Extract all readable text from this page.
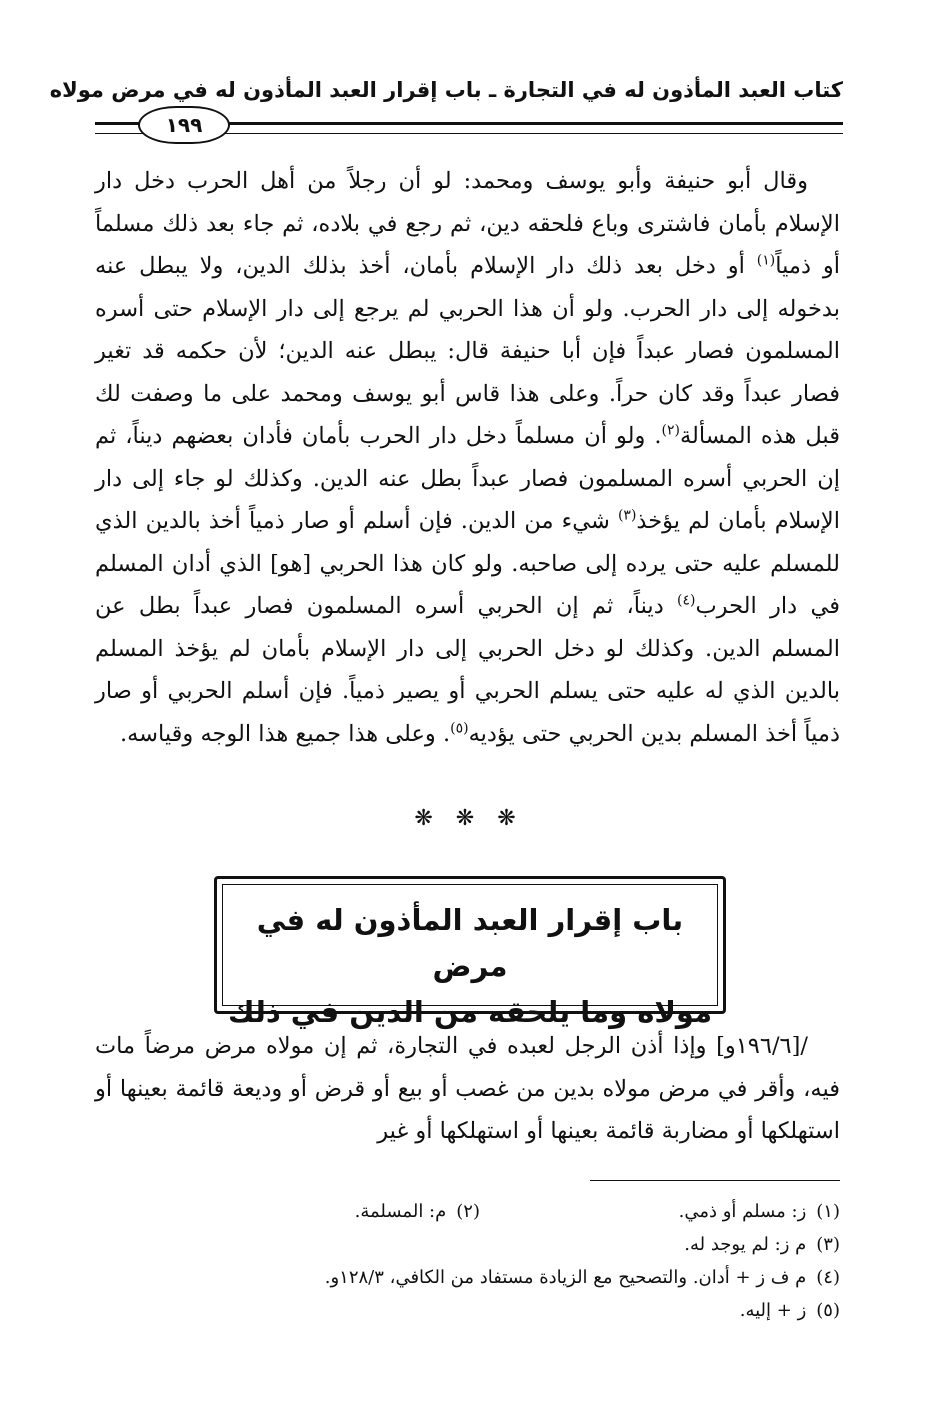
كتاب العبد المأذون له في التجارة ـ باب إقرار العبد المأذون له في مرض مولاه
١٩٩

وقال أبو حنيفة وأبو يوسف ومحمد: لو أن رجلاً من أهل الحرب دخل دار الإسلام بأمان فاشترى وباع فلحقه دين، ثم رجع في بلاده، ثم جاء بعد ذلك مسلماً أو ذمياً$^{(١)}$ أو دخل بعد ذلك دار الإسلام بأمان، أخذ بذلك الدين، ولا يبطل عنه بدخوله إلى دار الحرب. ولو أن هذا الحربي لم يرجع إلى دار الإسلام حتى أسره المسلمون فصار عبداً فإن أبا حنيفة قال: يبطل عنه الدين؛ لأن حكمه قد تغير فصار عبداً وقد كان حراً. وعلى هذا قاس أبو يوسف ومحمد على ما وصفت لك قبل هذه المسألة$^{(٢)}$. ولو أن مسلماً دخل دار الحرب بأمان فأدان بعضهم ديناً، ثم إن الحربي أسره المسلمون فصار عبداً بطل عنه الدين. وكذلك لو جاء إلى دار الإسلام بأمان لم يؤخذ$^{(٣)}$ شيء من الدين. فإن أسلم أو صار ذمياً أخذ بالدين الذي للمسلم عليه حتى يرده إلى صاحبه. ولو كان هذا الحربي [هو] الذي أدان المسلم في دار الحرب$^{(٤)}$ ديناً، ثم إن الحربي أسره المسلمون فصار عبداً بطل عن المسلم الدين. وكذلك لو دخل الحربي إلى دار الإسلام بأمان لم يؤخذ المسلم بالدين الذي له عليه حتى يسلم الحربي أو يصير ذمياً. فإن أسلم الحربي أو صار ذمياً أخذ المسلم بدين الحربي حتى يؤديه$^{(٥)}$. وعلى هذا جميع هذا الوجه وقياسه.

❋ ❋ ❋
باب إقرار العبد المأذون له في مرض
مولاه وما يلحقه من الدين في ذلك

/[١٩٦/٦و] وإذا أذن الرجل لعبده في التجارة، ثم إن مولاه مرض مرضاً مات فيه، وأقر في مرض مولاه بدين من غصب أو بيع أو قرض أو وديعة قائمة بعينها أو استهلكها أو مضاربة قائمة بعينها أو استهلكها أو غير

(١)ز: مسلم أو ذمي.
(٢)م: المسلمة.
(٣)م ز: لم يوجد له.
(٤)م ف ز + أدان. والتصحيح مع الزيادة مستفاد من الكافي، ١٢٨/٣و.
(٥)ز + إليه.
